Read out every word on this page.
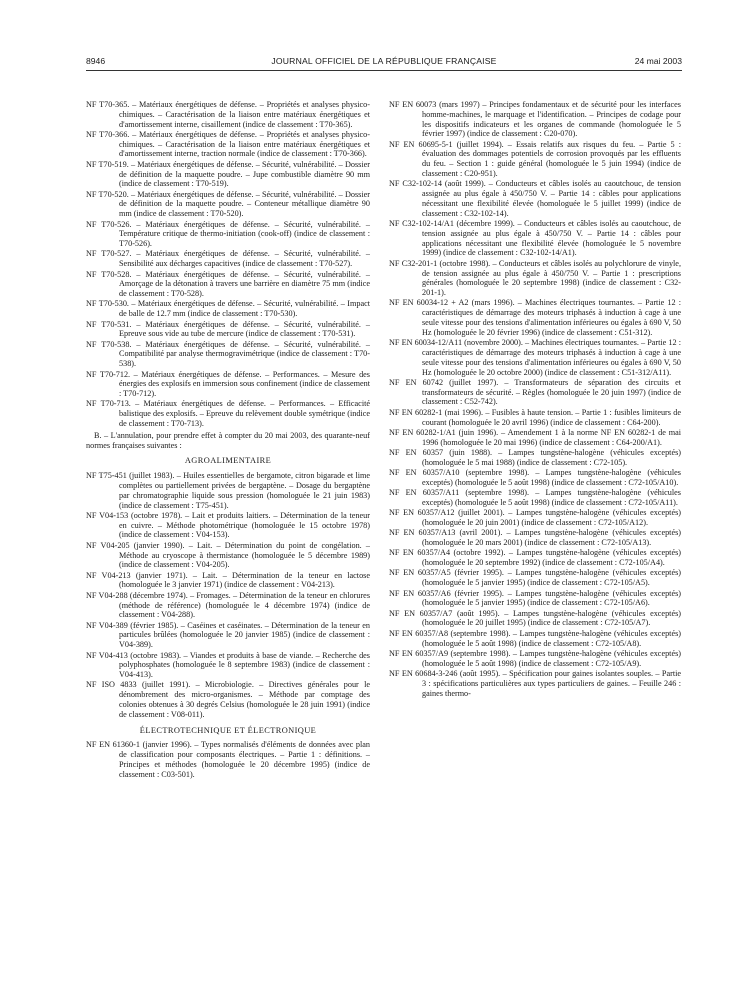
8946	JOURNAL OFFICIEL DE LA RÉPUBLIQUE FRANÇAISE	24 mai 2003

NF T70-365. – Matériaux énergétiques de défense. – Propriétés et analyses physico-chimiques. – Caractérisation de la liaison entre matériaux énergétiques et d'amortissement interne, cisaillement (indice de classement : T70-365).

NF T70-366. – Matériaux énergétiques de défense. – Propriétés et analyses physico-chimiques. – Caractérisation de la liaison entre matériaux énergétiques et d'amortissement interne, traction normale (indice de classement : T70-366).

NF T70-519. – Matériaux énergétiques de défense. – Sécurité, vulnérabilité. – Dossier de définition de la maquette poudre. – Jupe combustible diamètre 90 mm (indice de classement : T70-519).

NF T70-520. – Matériaux énergétiques de défense. – Sécurité, vulnérabilité. – Dossier de définition de la maquette poudre. – Conteneur métallique diamètre 90 mm (indice de classement : T70-520).

NF T70-526. – Matériaux énergétiques de défense. – Sécurité, vulnérabilité. – Température critique de thermo-initiation (cook-off) (indice de classement : T70-526).

NF T70-527. – Matériaux énergétiques de défense. – Sécurité, vulnérabilité. – Sensibilité aux décharges capacitives (indice de classement : T70-527).

NF T70-528. – Matériaux énergétiques de défense. – Sécurité, vulnérabilité. – Amorçage de la détonation à travers une barrière en diamètre 75 mm (indice de classement : T70-528).

NF T70-530. – Matériaux énergétiques de défense. – Sécurité, vulnérabilité. – Impact de balle de 12.7 mm (indice de classement : T70-530).

NF T70-531. – Matériaux énergétiques de défense. – Sécurité, vulnérabilité. – Epreuve sous vide au tube de mercure (indice de classement : T70-531).

NF T70-538. – Matériaux énergétiques de défense. – Sécurité, vulnérabilité. – Compatibilité par analyse thermogravimétrique (indice de classement : T70-538).

NF T70-712. – Matériaux énergétiques de défense. – Performances. – Mesure des énergies des explosifs en immersion sous confinement (indice de classement : T70-712).

NF T70-713. – Matériaux énergétiques de défense. – Performances. – Efficacité balistique des explosifs. – Epreuve du relèvement double symétrique (indice de classement : T70-713).

B. – L'annulation, pour prendre effet à compter du 20 mai 2003, des quarante-neuf normes françaises suivantes :

AGROALIMENTAIRE

NF T75-451 (juillet 1983). – Huiles essentielles de bergamote, citron bigarade et lime complètes ou partiellement privées de bergaptène. – Dosage du bergaptène par chromatographie liquide sous pression (homologuée le 21 juin 1983) (indice de classement : T75-451).

NF V04-153 (octobre 1978). – Lait et produits laitiers. – Détermination de la teneur en cuivre. – Méthode photométrique (homologuée le 15 octobre 1978) (indice de classement : V04-153).

NF V04-205 (janvier 1990). – Lait. – Détermination du point de congélation. – Méthode au cryoscope à thermistance (homologuée le 5 décembre 1989) (indice de classement : V04-205).

NF V04-213 (janvier 1971). – Lait. – Détermination de la teneur en lactose (homologuée le 3 janvier 1971) (indice de classement : V04-213).

NF V04-288 (décembre 1974). – Fromages. – Détermination de la teneur en chlorures (méthode de référence) (homologuée le 4 décembre 1974) (indice de classement : V04-288).

NF V04-389 (février 1985). – Caséines et caséinates. – Détermination de la teneur en particules brûlées (homologuée le 20 janvier 1985) (indice de classement : V04-389).

NF V04-413 (octobre 1983). – Viandes et produits à base de viande. – Recherche des polyphosphates (homologuée le 8 septembre 1983) (indice de classement : V04-413).

NF ISO 4833 (juillet 1991). – Microbiologie. – Directives générales pour le dénombrement des micro-organismes. – Méthode par comptage des colonies obtenues à 30 degrés Celsius (homologuée le 28 juin 1991) (indice de classement : V08-011).

ÉLECTROTECHNIQUE ET ÉLECTRONIQUE

NF EN 61360-1 (janvier 1996). – Types normalisés d'éléments de données avec plan de classification pour composants électriques. – Partie 1 : définitions. – Principes et méthodes (homologuée le 20 décembre 1995) (indice de classement : C03-501).

NF EN 60073 (mars 1997) – Principes fondamentaux et de sécurité pour les interfaces homme-machines, le marquage et l'identification. – Principes de codage pour les dispositifs indicateurs et les organes de commande (homologuée le 5 février 1997) (indice de classement : C20-070).

NF EN 60695-5-1 (juillet 1994). – Essais relatifs aux risques du feu. – Partie 5 : évaluation des dommages potentiels de corrosion provoqués par les effluents du feu. – Section 1 : guide général (homologuée le 5 juin 1994) (indice de classement : C20-951).

NF C32-102-14 (août 1999). – Conducteurs et câbles isolés au caoutchouc, de tension assignée au plus égale à 450/750 V. – Partie 14 : câbles pour applications nécessitant une flexibilité élevée (homologuée le 5 juillet 1999) (indice de classement : C32-102-14).

NF C32-102-14/A1 (décembre 1999). – Conducteurs et câbles isolés au caoutchouc, de tension assignée au plus égale à 450/750 V. – Partie 14 : câbles pour applications nécessitant une flexibilité élevée (homologuée le 5 novembre 1999) (indice de classement : C32-102-14/A1).

NF C32-201-1 (octobre 1998). – Conducteurs et câbles isolés au polychlorure de vinyle, de tension assignée au plus égale à 450/750 V. – Partie 1 : prescriptions générales (homologuée le 20 septembre 1998) (indice de classement : C32-201-1).

NF EN 60034-12 + A2 (mars 1996). – Machines électriques tournantes. – Partie 12 : caractéristiques de démarrage des moteurs triphasés à induction à cage à une seule vitesse pour des tensions d'alimentation inférieures ou égales à 690 V, 50 Hz (homologuée le 20 février 1996) (indice de classement : C51-312).

NF EN 60034-12/A11 (novembre 2000). – Machines électriques tournantes. – Partie 12 : caractéristiques de démarrage des moteurs triphasés à induction à cage à une seule vitesse pour des tensions d'alimentation inférieures ou égales à 690 V, 50 Hz (homologuée le 20 octobre 2000) (indice de classement : C51-312/A11).

NF EN 60742 (juillet 1997). – Transformateurs de séparation des circuits et transformateurs de sécurité. – Règles (homologuée le 20 juin 1997) (indice de classement : C52-742).

NF EN 60282-1 (mai 1996). – Fusibles à haute tension. – Partie 1 : fusibles limiteurs de courant (homologuée le 20 avril 1996) (indice de classement : C64-200).

NF EN 60282-1/A1 (juin 1996). – Amendement 1 à la norme NF EN 60282-1 de mai 1996 (homologuée le 20 mai 1996) (indice de classement : C64-200/A1).

NF EN 60357 (juin 1988). – Lampes tungstène-halogène (véhicules exceptés) (homologuée le 5 mai 1988) (indice de classement : C72-105).

NF EN 60357/A10 (septembre 1998). – Lampes tungstène-halogène (véhicules exceptés) (homologuée le 5 août 1998) (indice de classement : C72-105/A10).

NF EN 60357/A11 (septembre 1998). – Lampes tungstène-halogène (véhicules exceptés) (homologuée le 5 août 1998) (indice de classement : C72-105/A11).

NF EN 60357/A12 (juillet 2001). – Lampes tungstène-halogène (véhicules exceptés) (homologuée le 20 juin 2001) (indice de classement : C72-105/A12).

NF EN 60357/A13 (avril 2001). – Lampes tungstène-halogène (véhicules exceptés) (homologuée le 20 mars 2001) (indice de classement : C72-105/A13).

NF EN 60357/A4 (octobre 1992). – Lampes tungstène-halogène (véhicules exceptés) (homologuée le 20 septembre 1992) (indice de classement : C72-105/A4).

NF EN 60357/A5 (février 1995). – Lampes tungstène-halogène (véhicules exceptés) (homologuée le 5 janvier 1995) (indice de classement : C72-105/A5).

NF EN 60357/A6 (février 1995). – Lampes tungstène-halogène (véhicules exceptés) (homologuée le 5 janvier 1995) (indice de classement : C72-105/A6).

NF EN 60357/A7 (août 1995). – Lampes tungstène-halogène (véhicules exceptés) (homologuée le 20 juillet 1995) (indice de classement : C72-105/A7).

NF EN 60357/A8 (septembre 1998). – Lampes tungstène-halogène (véhicules exceptés) (homologuée le 5 août 1998) (indice de classement : C72-105/A8).

NF EN 60357/A9 (septembre 1998). – Lampes tungstène-halogène (véhicules exceptés) (homologuée le 5 août 1998) (indice de classement : C72-105/A9).

NF EN 60684-3-246 (août 1995). – Spécification pour gaines isolantes souples. – Partie 3 : spécifications particulières aux types particuliers de gaines. – Feuille 246 : gaines thermo-
